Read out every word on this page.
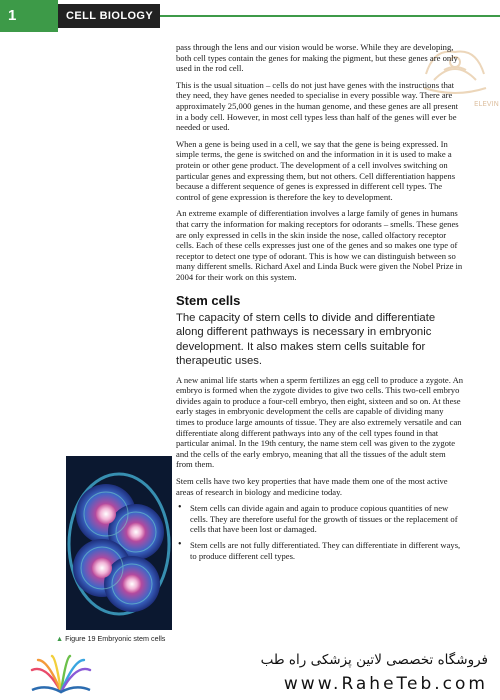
1	CELL BIOLOGY
ELEVIN

pass through the lens and our vision would be worse. While they are developing, both cell types contain the genes for making the pigment, but these genes are only used in the rod cell.

This is the usual situation – cells do not just have genes with the instructions that they need, they have genes needed to specialise in every possible way. There are approximately 25,000 genes in the human genome, and these genes are all present in a body cell. However, in most cell types less than half of the genes will ever be needed or used.

When a gene is being used in a cell, we say that the gene is being expressed. In simple terms, the gene is switched on and the information in it is used to make a protein or other gene product. The development of a cell involves switching on particular genes and expressing them, but not others. Cell differentiation happens because a different sequence of genes is expressed in different cell types. The control of gene expression is therefore the key to development.

An extreme example of differentiation involves a large family of genes in humans that carry the information for making receptors for odorants – smells. These genes are only expressed in cells in the skin inside the nose, called olfactory receptor cells. Each of these cells expresses just one of the genes and so makes one type of receptor to detect one type of odorant. This is how we can distinguish between so many different smells. Richard Axel and Linda Buck were given the Nobel Prize in 2004 for their work on this system.

Stem cells

The capacity of stem cells to divide and differentiate along different pathways is necessary in embryonic development. It also makes stem cells suitable for therapeutic uses.

A new animal life starts when a sperm fertilizes an egg cell to produce a zygote. An embryo is formed when the zygote divides to give two cells. This two-cell embryo divides again to produce a four-cell embryo, then eight, sixteen and so on. At these early stages in embryonic development the cells are capable of dividing many times to produce large amounts of tissue. They are also extremely versatile and can differentiate along different pathways into any of the cell types found in that particular animal. In the 19th century, the name stem cell was given to the zygote and the cells of the early embryo, meaning that all the tissues of the adult stem from them.

Stem cells have two key properties that have made them one of the most active areas of research in biology and medicine today.

• Stem cells can divide again and again to produce copious quantities of new cells. They are therefore useful for the growth of tissues or the replacement of cells that have been lost or damaged.
• Stem cells are not fully differentiated. They can differentiate in different ways, to produce different cell types.
▲ Figure 19 Embryonic stem cells
فروشگاه تخصصی لاتین پزشکی راه طب
www.RaheTeb.com
